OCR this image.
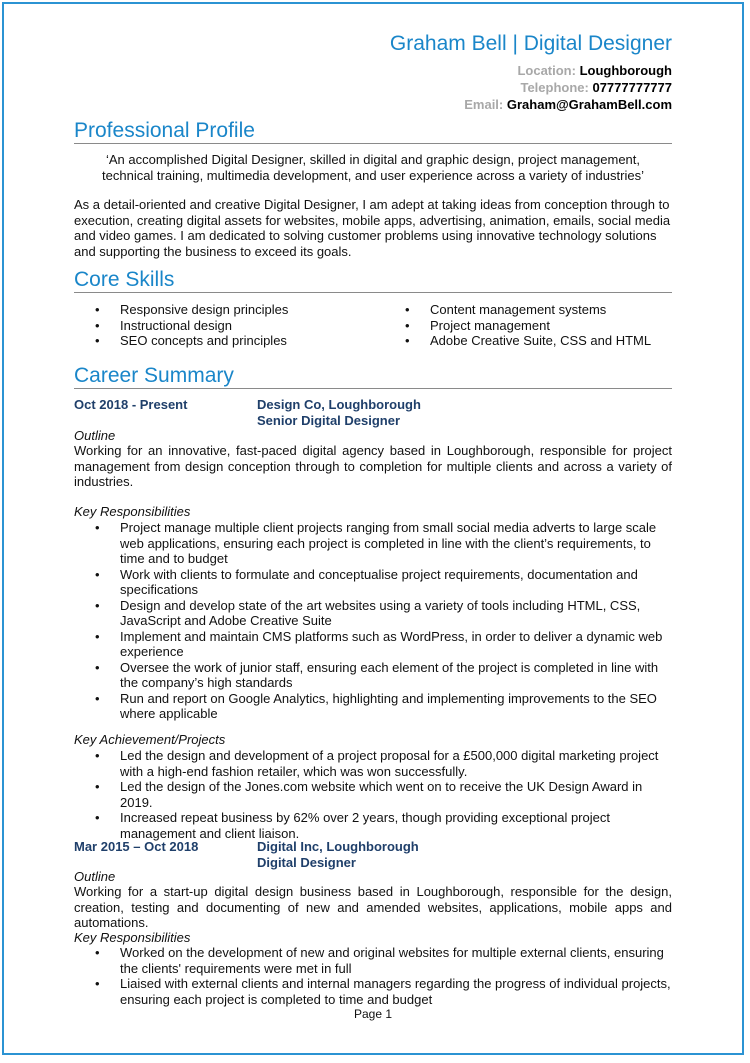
Graham Bell | Digital Designer
Location: Loughborough
Telephone: 07777777777
Email: Graham@GrahamBell.com
Professional Profile
‘An accomplished Digital Designer, skilled in digital and graphic design, project management, technical training, multimedia development, and user experience across a variety of industries’
As a detail-oriented and creative Digital Designer, I am adept at taking ideas from conception through to execution, creating digital assets for websites, mobile apps, advertising, animation, emails, social media and video games. I am dedicated to solving customer problems using innovative technology solutions and supporting the business to exceed its goals.
Core Skills
• Responsive design principles
• Instructional design
• SEO concepts and principles
• Content management systems
• Project management
• Adobe Creative Suite, CSS and HTML
Career Summary
Oct 2018 - Present	Design Co, Loughborough
Senior Digital Designer
Outline
Working for an innovative, fast-paced digital agency based in Loughborough, responsible for project management from design conception through to completion for multiple clients and across a variety of industries.
Key Responsibilities
• Project manage multiple client projects ranging from small social media adverts to large scale web applications, ensuring each project is completed in line with the client’s requirements, to time and to budget
• Work with clients to formulate and conceptualise project requirements, documentation and specifications
• Design and develop state of the art websites using a variety of tools including HTML, CSS, JavaScript and Adobe Creative Suite
• Implement and maintain CMS platforms such as WordPress, in order to deliver a dynamic web experience
• Oversee the work of junior staff, ensuring each element of the project is completed in line with the company’s high standards
• Run and report on Google Analytics, highlighting and implementing improvements to the SEO where applicable
Key Achievement/Projects
• Led the design and development of a project proposal for a £500,000 digital marketing project with a high-end fashion retailer, which was won successfully.
• Led the design of the Jones.com website which went on to receive the UK Design Award in 2019.
• Increased repeat business by 62% over 2 years, though providing exceptional project management and client liaison.
Mar 2015 – Oct 2018	Digital Inc, Loughborough
Digital Designer
Outline
Working for a start-up digital design business based in Loughborough, responsible for the design, creation, testing and documenting of new and amended websites, applications, mobile apps and automations.
Key Responsibilities
• Worked on the development of new and original websites for multiple external clients, ensuring the clients' requirements were met in full
• Liaised with external clients and internal managers regarding the progress of individual projects, ensuring each project is completed to time and budget
Page 1
